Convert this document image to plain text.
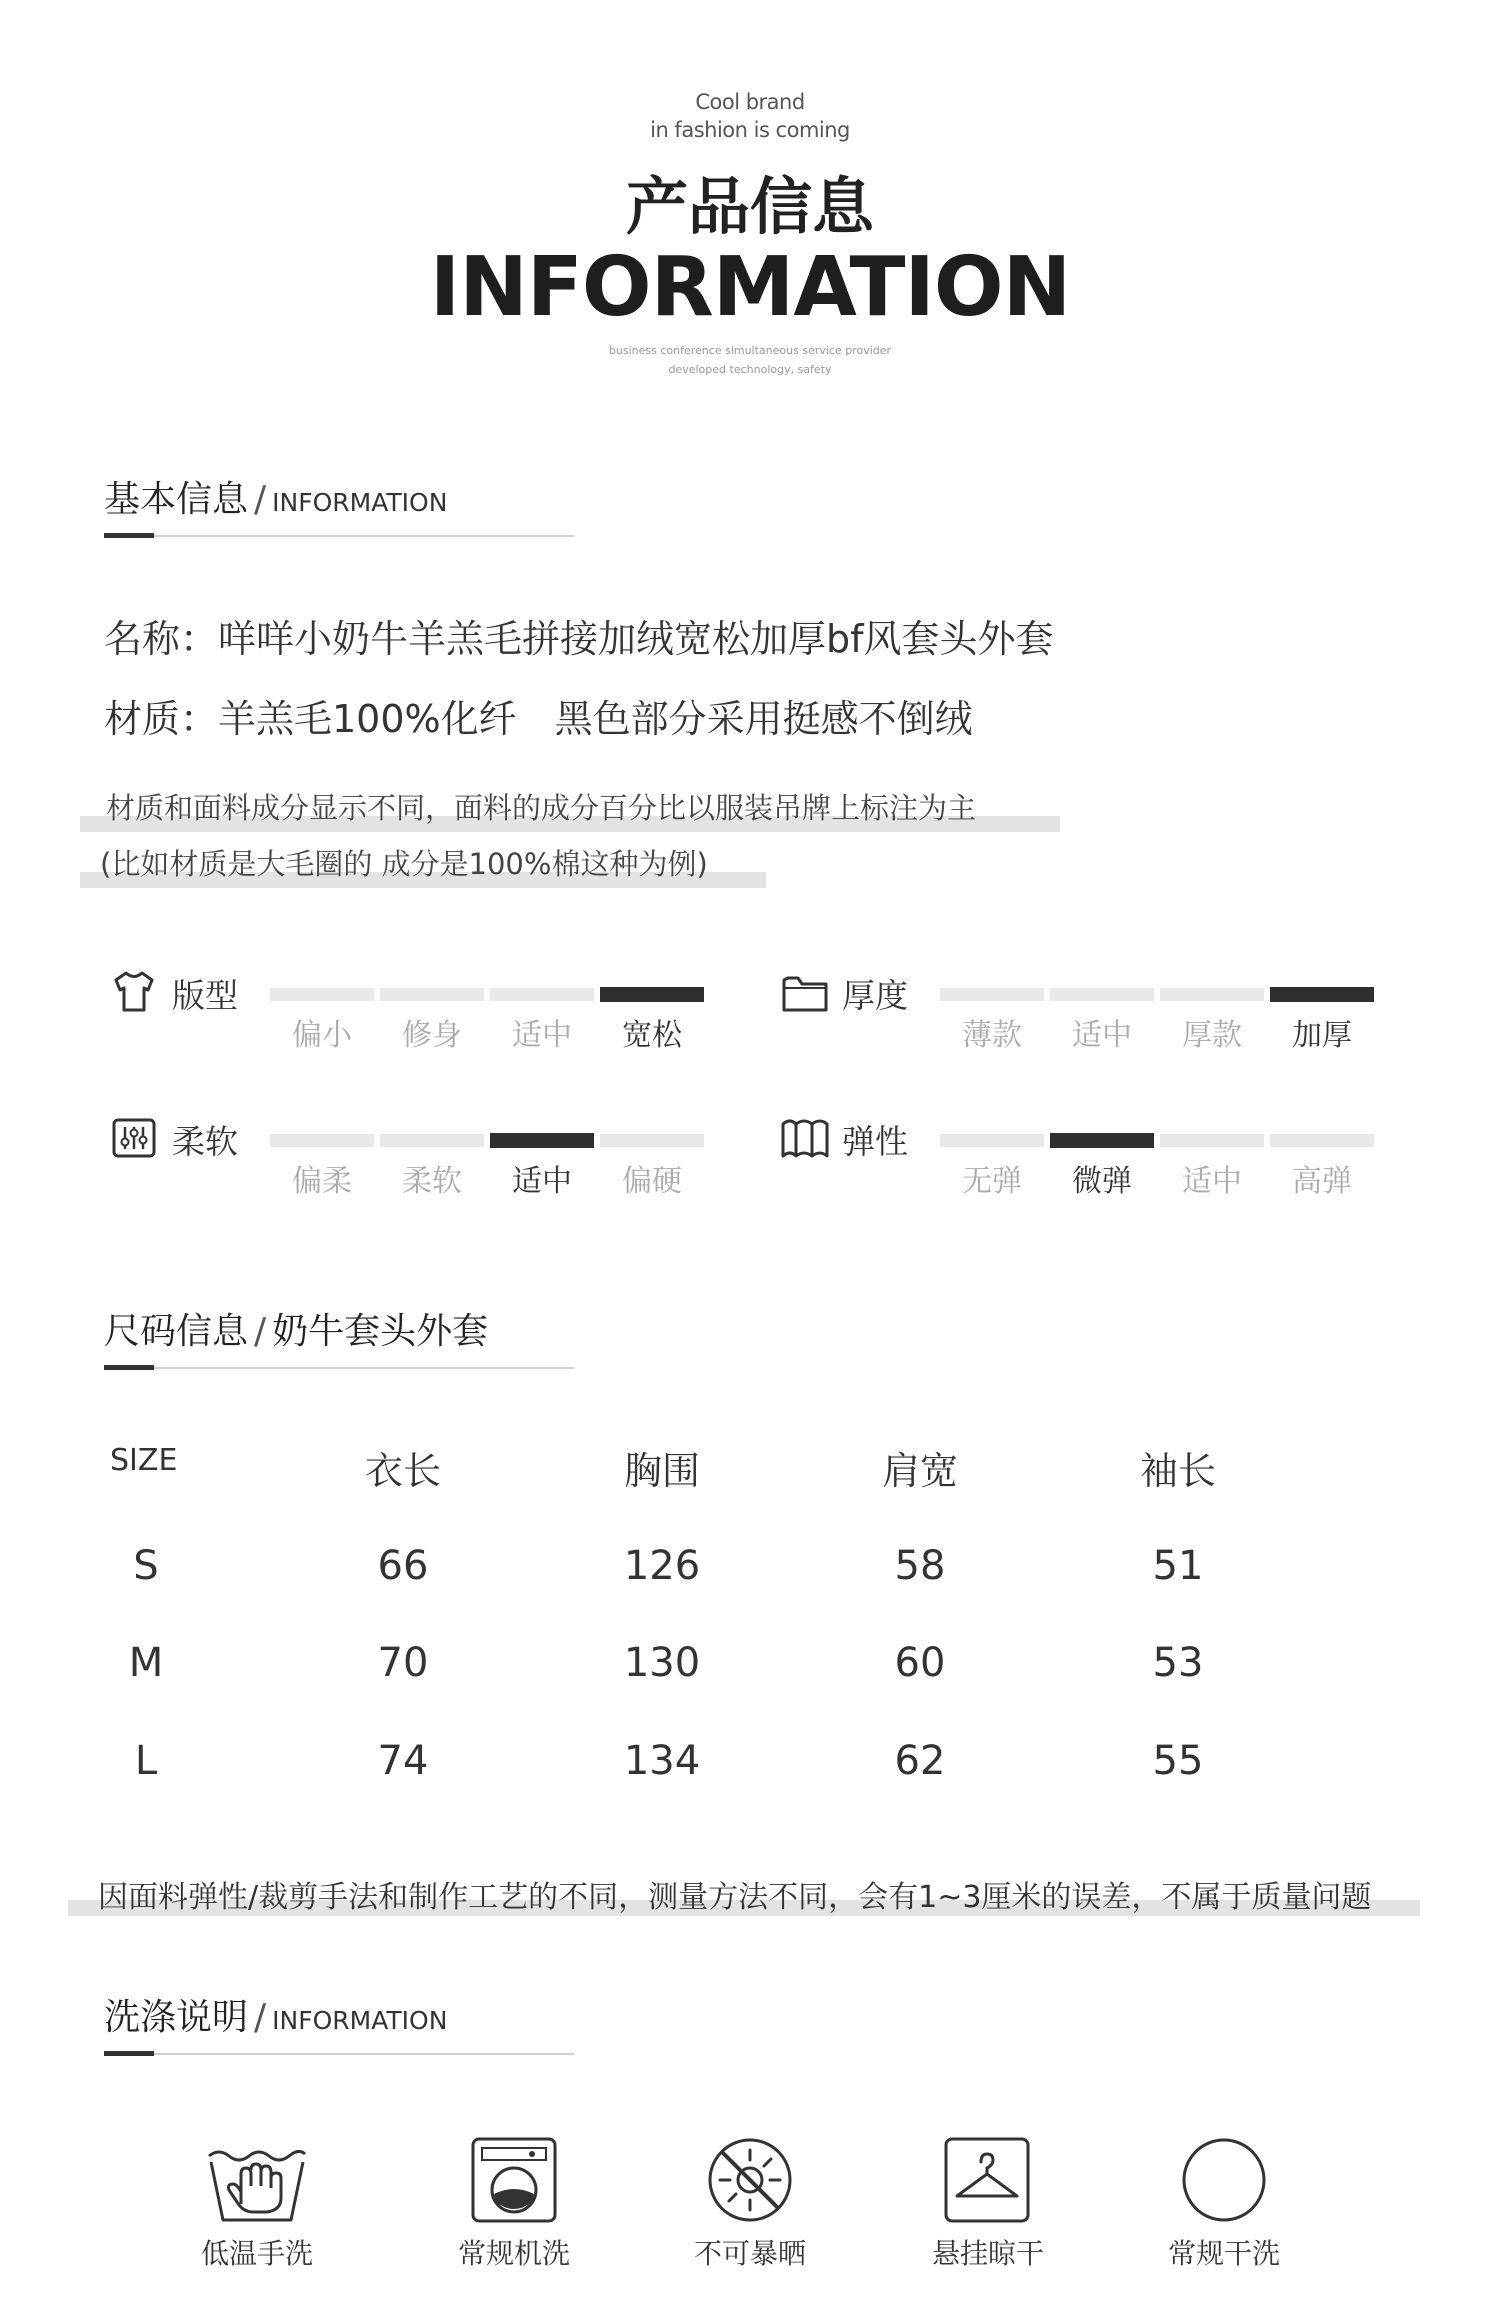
Cool brand
in fashion is coming
产品信息
INFORMATION
business conference simultaneous service provider
developed technology, safety
基本信息 / INFORMATION
名称：咩咩小奶牛羊羔毛拼接加绒宽松加厚bf风套头外套
材质：羊羔毛100%化纤　黑色部分采用挺感不倒绒
材质和面料成分显示不同，面料的成分百分比以服装吊牌上标注为主
(比如材质是大毛圈的 成分是100%棉这种为例)
版型
偏小	修身	适中	宽松
厚度
薄款	适中	厚款	加厚
柔软
偏柔	柔软	适中	偏硬
弹性
无弹	微弹	适中	高弹
尺码信息 / 奶牛套头外套
SIZE	衣长	胸围	肩宽	袖长
S	66	126	58	51
M	70	130	60	53
L	74	134	62	55
因面料弹性/裁剪手法和制作工艺的不同，测量方法不同，会有1~3厘米的误差，不属于质量问题
洗涤说明 / INFORMATION
低温手洗	常规机洗	不可暴晒	悬挂晾干	常规干洗
